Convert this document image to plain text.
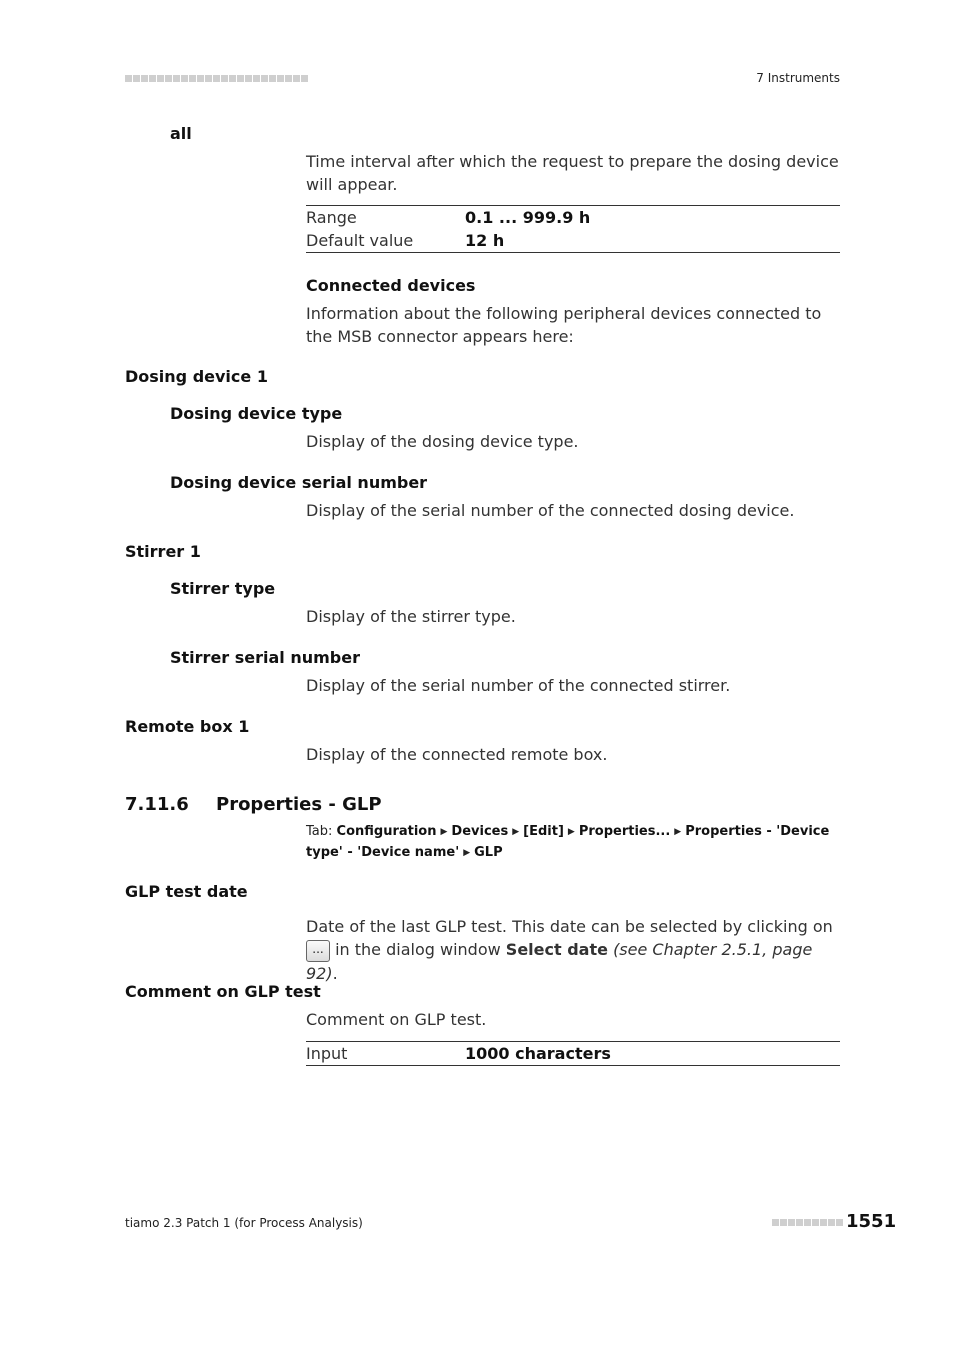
7 Instruments
all
Time interval after which the request to prepare the dosing device will appear.
Range	0.1 ... 999.9 h
Default value	12 h
Connected devices
Information about the following peripheral devices connected to the MSB connector appears here:
Dosing device 1
Dosing device type
Display of the dosing device type.
Dosing device serial number
Display of the serial number of the connected dosing device.
Stirrer 1
Stirrer type
Display of the stirrer type.
Stirrer serial number
Display of the serial number of the connected stirrer.
Remote box 1
Display of the connected remote box.
7.11.6 Properties - GLP
Tab: Configuration ▶ Devices ▶ [Edit] ▶ Properties... ▶ Properties - 'Device type' - 'Device name' ▶ GLP
GLP test date
Date of the last GLP test. This date can be selected by clicking on ... in the dialog window Select date (see Chapter 2.5.1, page 92).
Comment on GLP test
Comment on GLP test.
Input	1000 characters
tiamo 2.3 Patch 1 (for Process Analysis)	1551
